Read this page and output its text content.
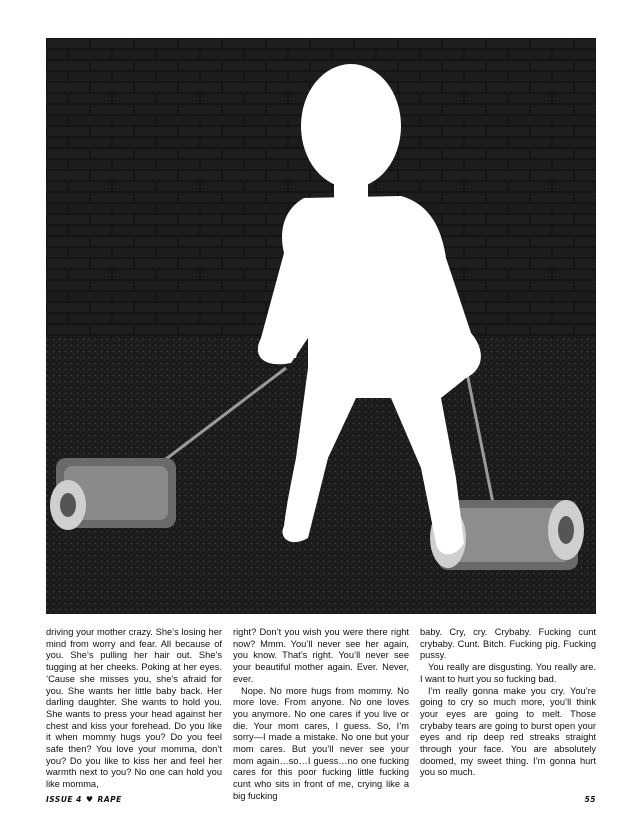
driving your mother crazy. She’s losing her mind from worry and fear. All because of you. She’s pulling her hair out. She’s tugging at her cheeks. Poking at her eyes. ’Cause she misses you, she’s afraid for you. She wants her little baby back. Her darling daughter. She wants to hold you. She wants to press your head against her chest and kiss your forehead. Do you like it when mommy hugs you? Do you feel safe then? You love your momma, don’t you? Do you like to kiss her and feel her warmth next to you? No one can hold you like momma,

right? Don’t you wish you were there right now? Mmm. You’ll never see her again, you know. That’s right. You’ll never see your beautiful mother again. Ever. Never, ever.

Nope. No more hugs from mommy. No more love. From anyone. No one loves you anymore. No one cares if you live or die. Your mom cares, I guess. So, I’m sorry—I made a mistake. No one but your mom cares. But you’ll never see your mom again…so…I guess…no one fucking cares for this poor fucking little fucking cunt who sits in front of me, crying like a big fucking

baby. Cry, cry. Crybaby. Fucking cunt crybaby. Cunt. Bitch. Fucking pig. Fucking pussy.

You really are disgusting. You really are. I want to hurt you so fucking bad.

I’m really gonna make you cry. You’re going to cry so much more, you’ll think your eyes are going to melt. Those crybaby tears are going to burst open your eyes and rip deep red streaks straight through your face. You are absolutely doomed, my sweet thing. I’m gonna hurt you so much.

ISSUE 4 ♥ RAPE	55
